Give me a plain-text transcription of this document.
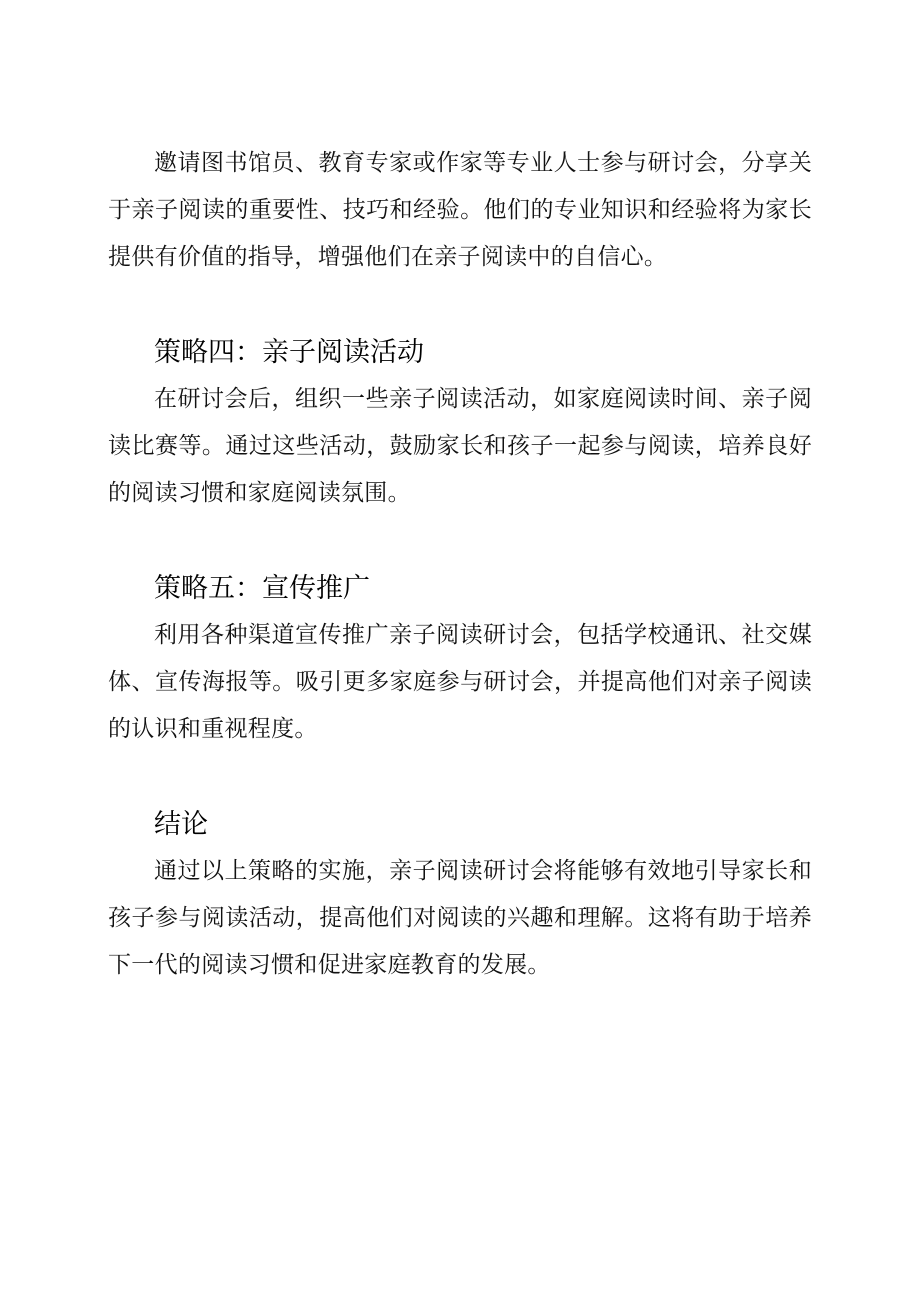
邀请图书馆员、教育专家或作家等专业人士参与研讨会，分享关于亲子阅读的重要性、技巧和经验。他们的专业知识和经验将为家长提供有价值的指导，增强他们在亲子阅读中的自信心。

策略四：亲子阅读活动

在研讨会后，组织一些亲子阅读活动，如家庭阅读时间、亲子阅读比赛等。通过这些活动，鼓励家长和孩子一起参与阅读，培养良好的阅读习惯和家庭阅读氛围。

策略五：宣传推广

利用各种渠道宣传推广亲子阅读研讨会，包括学校通讯、社交媒体、宣传海报等。吸引更多家庭参与研讨会，并提高他们对亲子阅读的认识和重视程度。

结论

通过以上策略的实施，亲子阅读研讨会将能够有效地引导家长和孩子参与阅读活动，提高他们对阅读的兴趣和理解。这将有助于培养下一代的阅读习惯和促进家庭教育的发展。
